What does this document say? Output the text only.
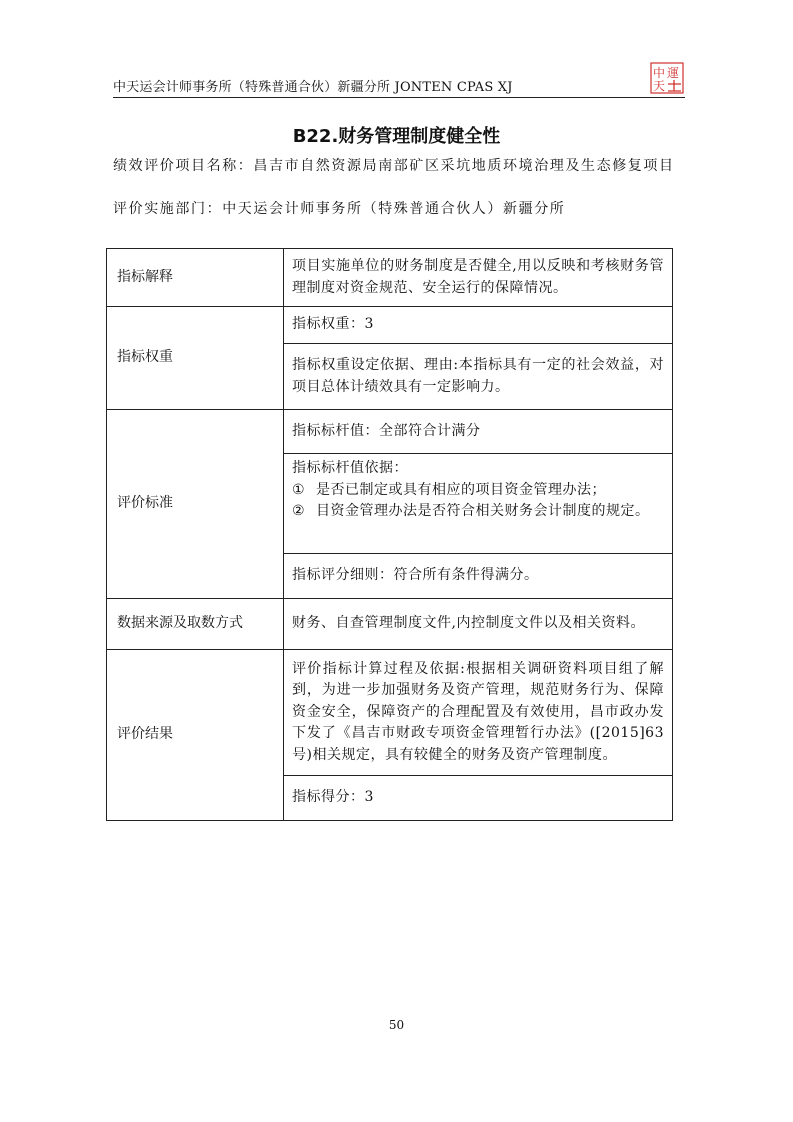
中天运会计师事务所（特殊普通合伙）新疆分所 JONTEN CPAS XJ
中 運
天
B22.财务管理制度健全性
绩效评价项目名称：昌吉市自然资源局南部矿区采坑地质环境治理及生态修复项目
评价实施部门：中天运会计师事务所（特殊普通合伙人）新疆分所
指标解释	项目实施单位的财务制度是否健全,用以反映和考核财务管理制度对资金规范、安全运行的保障情况。
指标权重	指标权重：3
	指标权重设定依据、理由:本指标具有一定的社会效益，对项目总体计绩效具有一定影响力。
评价标准	指标标杆值：全部符合计满分

	指标标杆值依据：
① 是否已制定或具有相应的项目资金管理办法；
② 目资金管理办法是否符合相关财务会计制度的规定。

	指标评分细则：符合所有条件得满分。
数据来源及取数方式	财务、自查管理制度文件,内控制度文件以及相关资料。
评价结果	评价指标计算过程及依据:根据相关调研资料项目组了解到，为进一步加强财务及资产管理，规范财务行为、保障资金安全，保障资产的合理配置及有效使用，昌市政办发下发了《昌吉市财政专项资金管理暂行办法》([2015]63 号)相关规定，具有较健全的财务及资产管理制度。
	指标得分：3
50
